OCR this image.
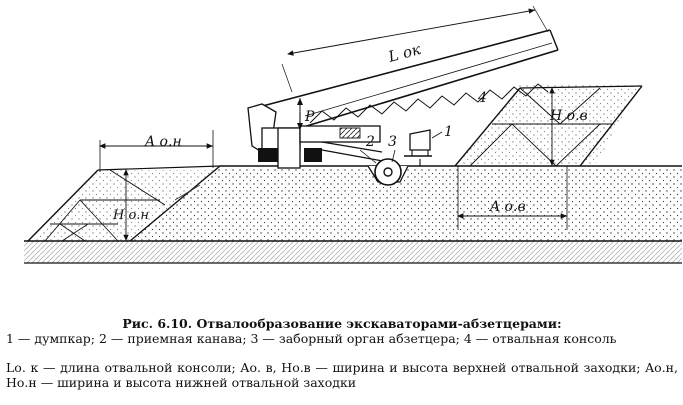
L ок
4
P
2 3
1
A о.н
H о.н
H о.в
A о.в
Рис. 6.10. Отвалообразование экскаваторами-абзетцерами:
1 — думпкар; 2 — приемная канава; 3 — заборный орган абзетцера; 4 — отвальная консоль
Lо. к — длина отвальной консоли; Aо. в, Hо.в — ширина и высота верхней отвальной заходки; Aо.н, Hо.н — ширина и высота нижней отвальной заходки
